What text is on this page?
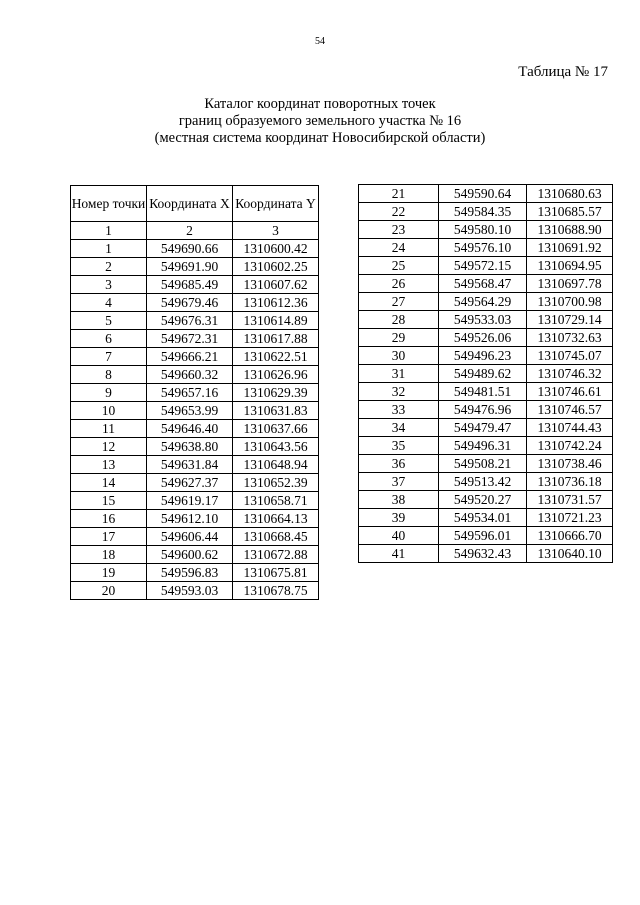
54
Таблица № 17
Каталог координат поворотных точек
границ образуемого земельного участка № 16
(местная система координат Новосибирской области)
Номер точки	Координата X	Координата Y
1	2	3
1	549690.66	1310600.42
2	549691.90	1310602.25
3	549685.49	1310607.62
4	549679.46	1310612.36
5	549676.31	1310614.89
6	549672.31	1310617.88
7	549666.21	1310622.51
8	549660.32	1310626.96
9	549657.16	1310629.39
10	549653.99	1310631.83
11	549646.40	1310637.66
12	549638.80	1310643.56
13	549631.84	1310648.94
14	549627.37	1310652.39
15	549619.17	1310658.71
16	549612.10	1310664.13
17	549606.44	1310668.45
18	549600.62	1310672.88
19	549596.83	1310675.81
20	549593.03	1310678.75
21	549590.64	1310680.63
22	549584.35	1310685.57
23	549580.10	1310688.90
24	549576.10	1310691.92
25	549572.15	1310694.95
26	549568.47	1310697.78
27	549564.29	1310700.98
28	549533.03	1310729.14
29	549526.06	1310732.63
30	549496.23	1310745.07
31	549489.62	1310746.32
32	549481.51	1310746.61
33	549476.96	1310746.57
34	549479.47	1310744.43
35	549496.31	1310742.24
36	549508.21	1310738.46
37	549513.42	1310736.18
38	549520.27	1310731.57
39	549534.01	1310721.23
40	549596.01	1310666.70
41	549632.43	1310640.10
